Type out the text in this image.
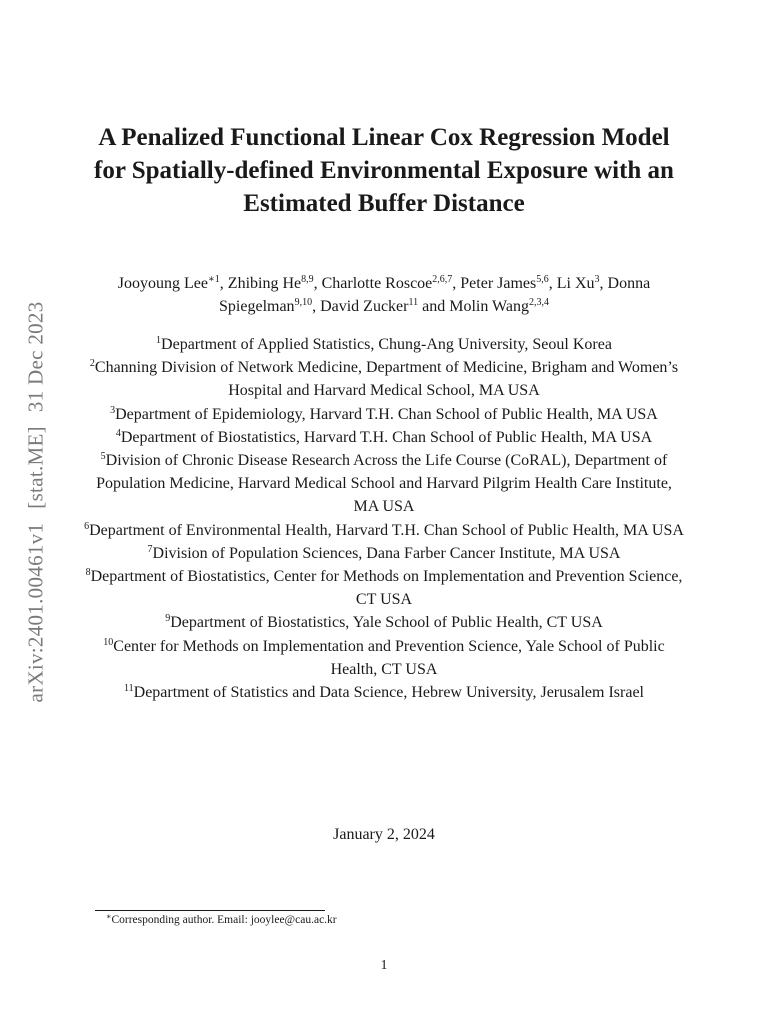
arXiv:2401.00461v1[stat.ME]31 Dec 2023
A Penalized Functional Linear Cox Regression Model for Spatially-defined Environmental Exposure with an Estimated Buffer Distance

Jooyoung Lee$^{∗1}$, Zhibing He$^{8,9}$, Charlotte Roscoe$^{2,6,7}$, Peter James$^{5,6}$, Li Xu$^3$, Donna Spiegelman$^{9,10}$, David Zucker$^{11}$ and Molin Wang$^{2,3,4}$

$^1$Department of Applied Statistics, Chung-Ang University, Seoul Korea
$^2$Channing Division of Network Medicine, Department of Medicine, Brigham and Women’s Hospital and Harvard Medical School, MA USA
$^3$Department of Epidemiology, Harvard T.H. Chan School of Public Health, MA USA
$^4$Department of Biostatistics, Harvard T.H. Chan School of Public Health, MA USA
$^5$Division of Chronic Disease Research Across the Life Course (CoRAL), Department of Population Medicine, Harvard Medical School and Harvard Pilgrim Health Care Institute, MA USA
$^6$Department of Environmental Health, Harvard T.H. Chan School of Public Health, MA USA
$^7$Division of Population Sciences, Dana Farber Cancer Institute, MA USA
$^8$Department of Biostatistics, Center for Methods on Implementation and Prevention Science, CT USA
$^9$Department of Biostatistics, Yale School of Public Health, CT USA
$^{10}$Center for Methods on Implementation and Prevention Science, Yale School of Public Health, CT USA
$^{11}$Department of Statistics and Data Science, Hebrew University, Jerusalem Israel
January 2, 2024
∗Corresponding author. Email: jooylee@cau.ac.kr
1
